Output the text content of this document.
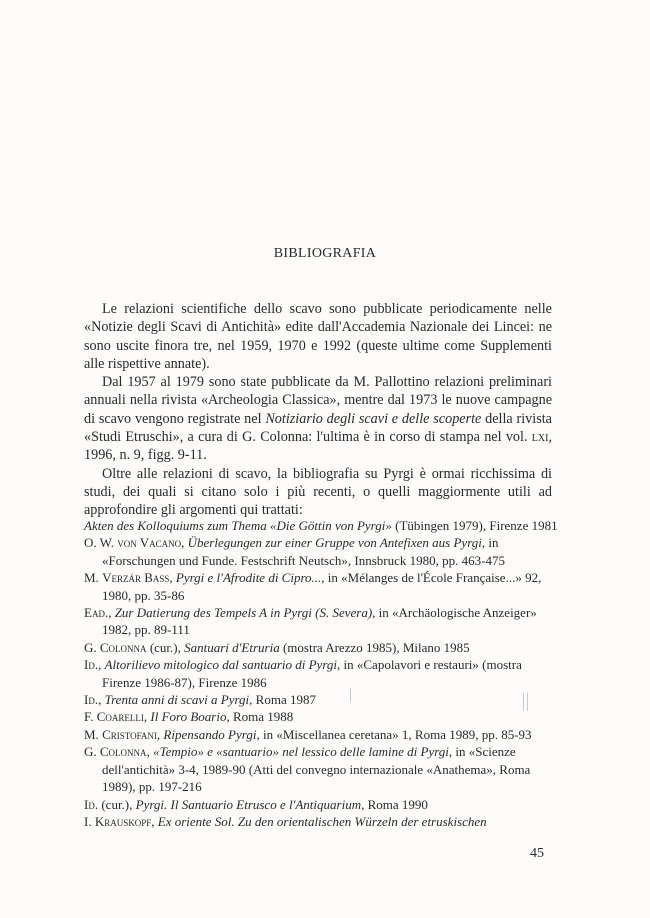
BIBLIOGRAFIA

Le relazioni scientifiche dello scavo sono pubblicate periodicamente nelle «Notizie degli Scavi di Antichità» edite dall'Accademia Nazionale dei Lincei: ne sono uscite finora tre, nel 1959, 1970 e 1992 (queste ultime come Supplementi alle rispettive annate).

Dal 1957 al 1979 sono state pubblicate da M. Pallottino relazioni preliminari annuali nella rivista «Archeologia Classica», mentre dal 1973 le nuove campagne di scavo vengono registrate nel Notiziario degli scavi e delle scoperte della rivista «Studi Etruschi», a cura di G. Colonna: l'ultima è in corso di stampa nel vol. lxi, 1996, n. 9, figg. 9-11.

Oltre alle relazioni di scavo, la bibliografia su Pyrgi è ormai ricchissima di studi, dei quali si citano solo i più recenti, o quelli maggiormente utili ad approfondire gli argomenti qui trattati:

Akten des Kolloquiums zum Thema «Die Göttin von Pyrgi» (Tübingen 1979), Firenze 1981

O. W. von Vacano, Überlegungen zur einer Gruppe von Antefixen aus Pyrgi, in «Forschungen und Funde. Festschrift Neutsch», Innsbruck 1980, pp. 463-475

M. Verzár Bass, Pyrgi e l'Afrodite di Cipro..., in «Mélanges de l'École Française...» 92, 1980, pp. 35-86

Ead., Zur Datierung des Tempels A in Pyrgi (S. Severa), in «Archäologische Anzeiger» 1982, pp. 89-111

G. Colonna (cur.), Santuari d'Etruria (mostra Arezzo 1985), Milano 1985

Id., Altorilievo mitologico dal santuario di Pyrgi, in «Capolavori e restauri» (mostra Firenze 1986-87), Firenze 1986

Id., Trenta anni di scavi a Pyrgi, Roma 1987

F. Coarelli, Il Foro Boario, Roma 1988

M. Cristofani, Ripensando Pyrgi, in «Miscellanea ceretana» 1, Roma 1989, pp. 85-93

G. Colonna, «Tempio» e «santuario» nel lessico delle lamine di Pyrgi, in «Scienze dell'antichità» 3-4, 1989-90 (Atti del convegno internazionale «Anathema», Roma 1989), pp. 197-216

Id. (cur.), Pyrgi. Il Santuario Etrusco e l'Antiquarium, Roma 1990

I. Krauskopf, Ex oriente Sol. Zu den orientalischen Würzeln der etruskischen

45
